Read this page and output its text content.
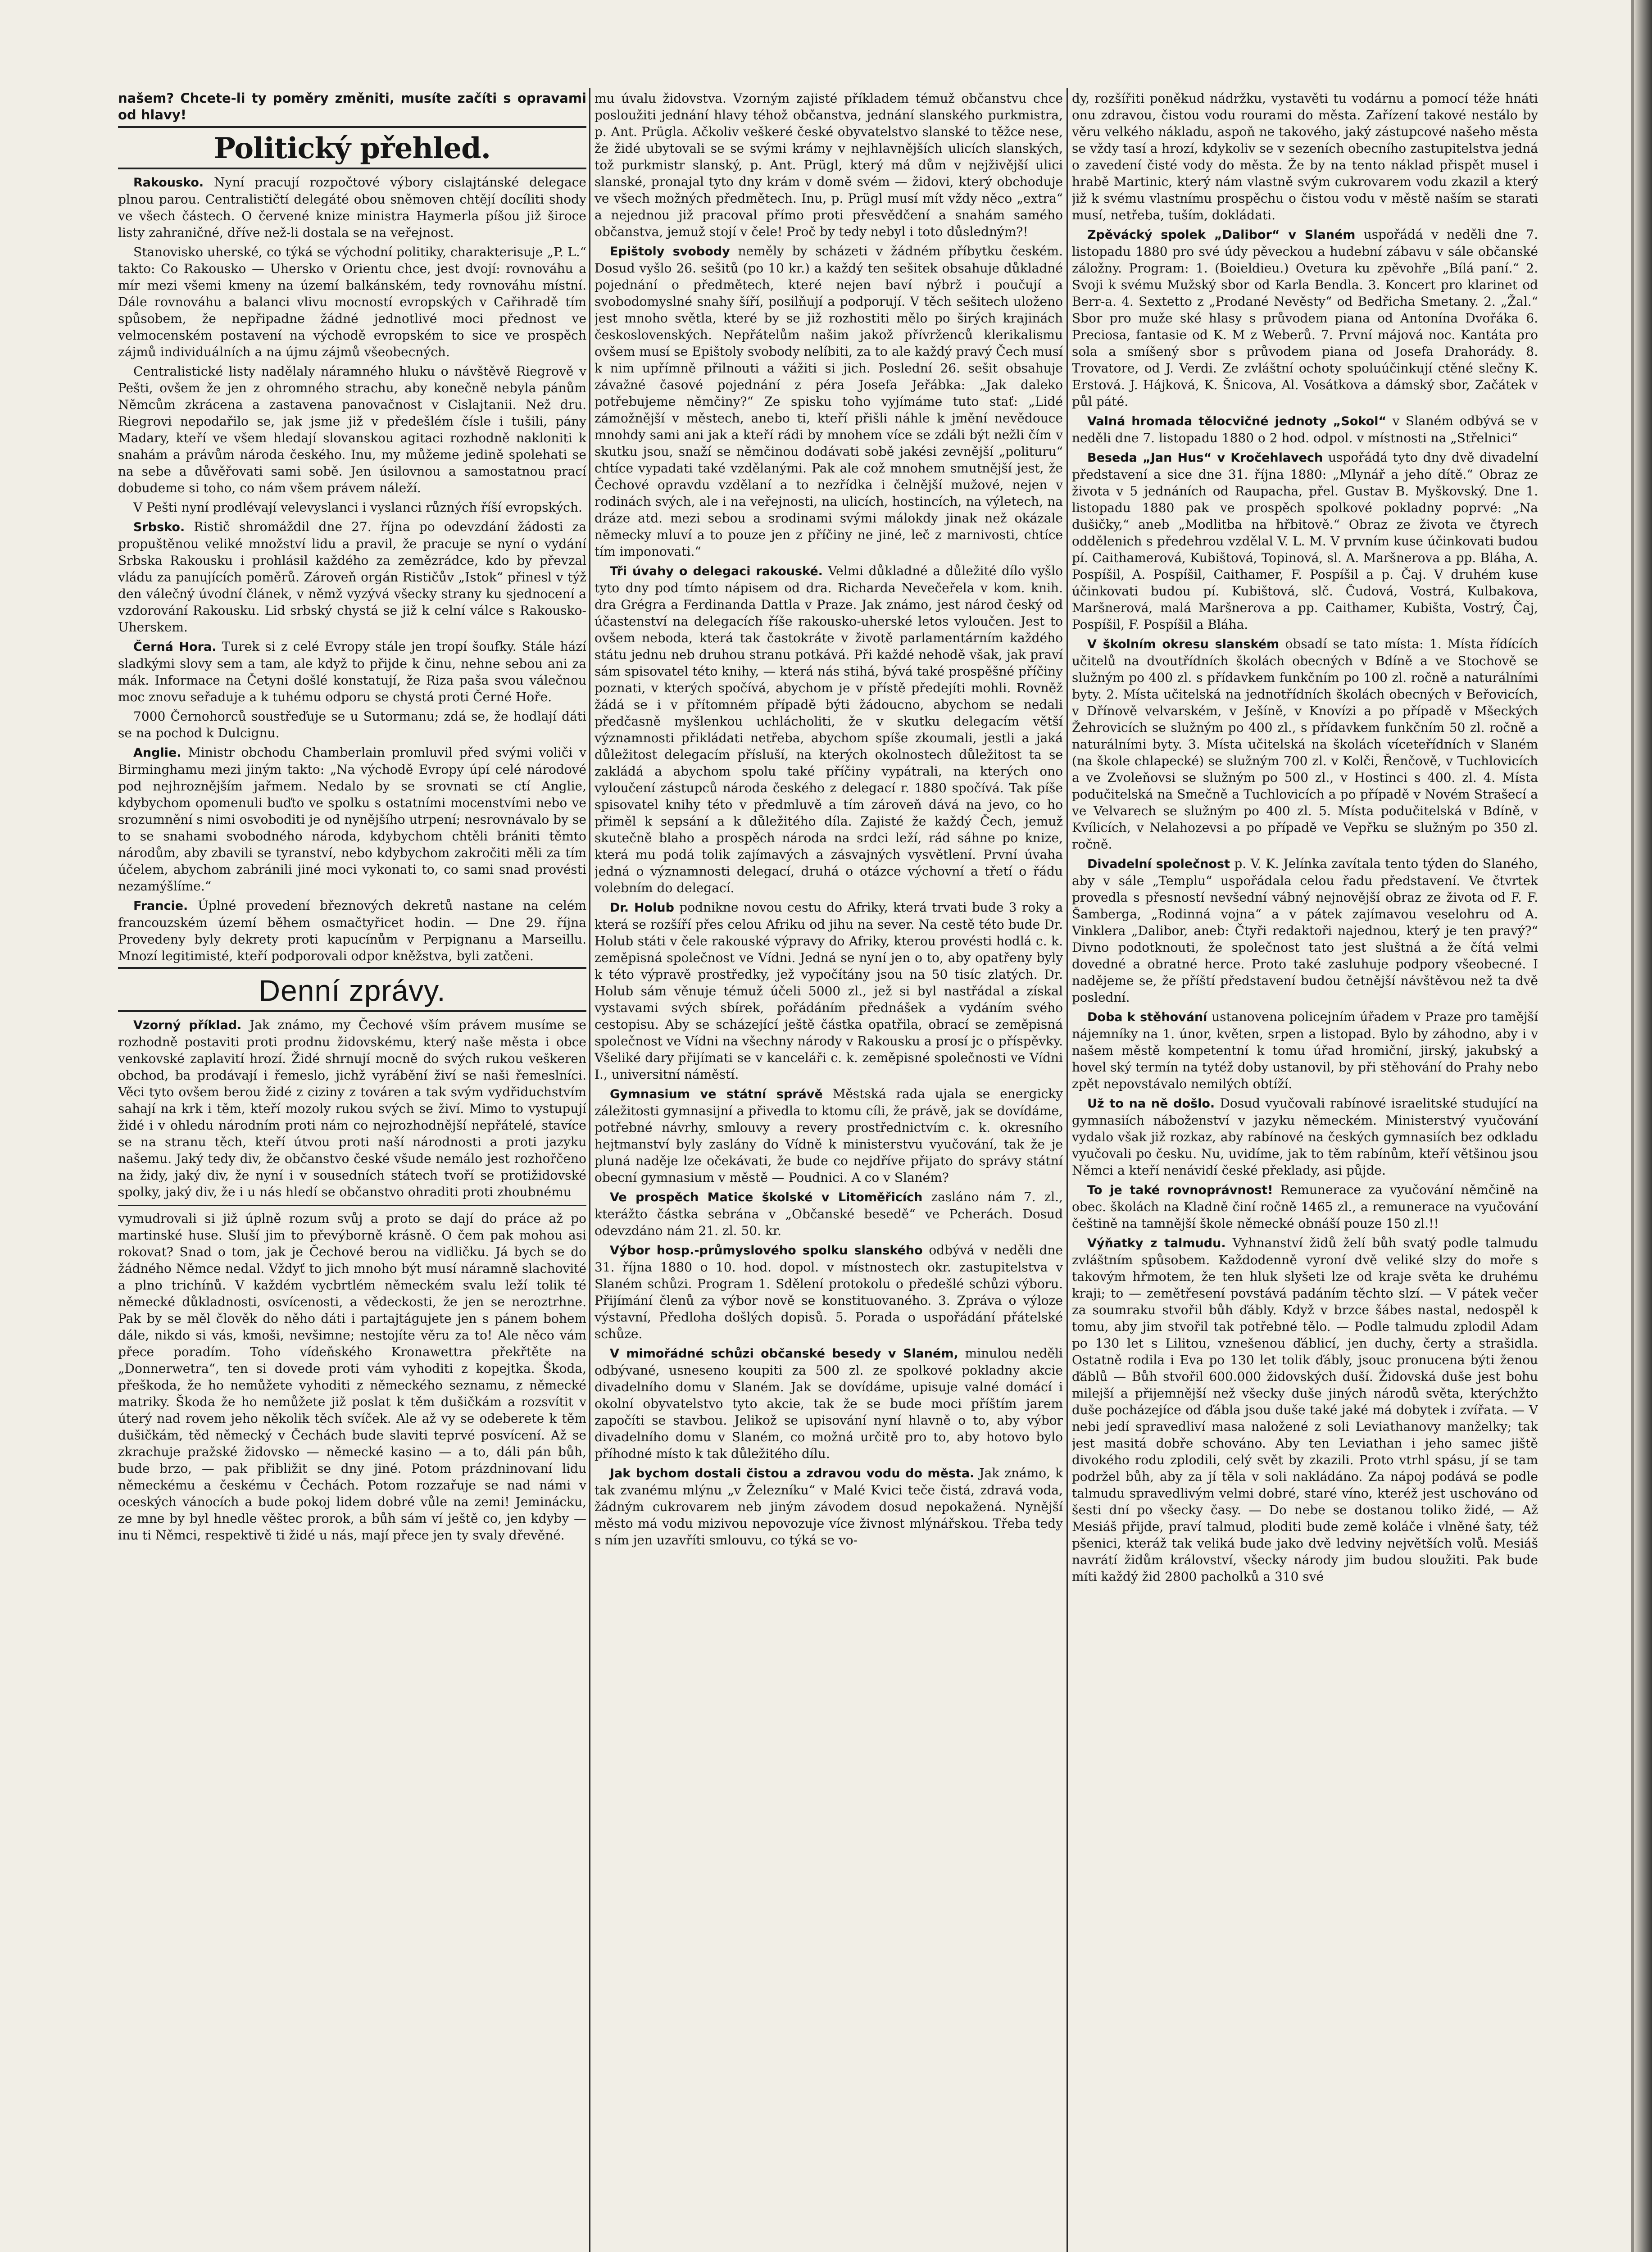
našem? Chcete-li ty poměry změniti, musíte začíti s opravami od hlavy!

Politický přehled.

Rakousko. Nyní pracují rozpočtové výbory cislajtánské delegace plnou parou. Centralističtí delegáté obou sněmoven chtějí docíliti shody ve všech částech. O červené knize ministra Haymerla píšou již široce listy zahraničné, dříve než-li dostala se na veřejnost.

Stanovisko uherské, co týká se východní politiky, charakterisuje „P. L.“ takto: Co Rakousko — Uhersko v Orientu chce, jest dvojí: rovnováhu a mír mezi všemi kmeny na území balkánském, tedy rovnováhu místní. Dále rovnováhu a balanci vlivu mocností evropských v Cařihradě tím spůsobem, že nepřipadne žádné jednotlivé moci přednost ve velmocenském postavení na východě evropském to sice ve prospěch zájmů individuálních a na újmu zájmů všeobecných.

Centralistické listy nadělaly náramného hluku o návštěvě Riegrově v Pešti, ovšem že jen z ohromného strachu, aby konečně nebyla pánům Němcům zkrácena a zastavena panovačnost v Cislajtanii. Než dru. Riegrovi nepodařilo se, jak jsme již v předešlém čísle i tušili, pány Madary, kteří ve všem hledají slovanskou agitaci rozhodně nakloniti k snahám a právům národa českého. Inu, my můžeme jedině spolehati se na sebe a důvěřovati sami sobě. Jen úsilovnou a samostatnou prací dobudeme si toho, co nám všem právem náleží.

V Pešti nyní prodlévají velevyslanci i vyslanci různých říší evropských.

Srbsko. Ristič shromáždil dne 27. října po odevzdání žádosti za propuštěnou veliké množství lidu a pravil, že pracuje se nyní o vydání Srbska Rakousku i prohlásil každého za zemězrádce, kdo by převzal vládu za panujících poměrů. Zároveň orgán Rističův „Istok“ přinesl v týž den válečný úvodní článek, v němž vyzývá všecky strany ku sjednocení a vzdorování Rakousku. Lid srbský chystá se již k celní válce s Rakousko-Uherskem.

Černá Hora. Turek si z celé Evropy stále jen tropí šoufky. Stále hází sladkými slovy sem a tam, ale když to přijde k činu, nehne sebou ani za mák. Informace na Četyni došlé konstatují, že Riza paša svou válečnou moc znovu seřaduje a k tuhému odporu se chystá proti Černé Hoře.

7000 Černohorců soustřeďuje se u Sutormanu; zdá se, že hodlají dáti se na pochod k Dulcignu.

Anglie. Ministr obchodu Chamberlain promluvil před svými voliči v Birminghamu mezi jiným takto: „Na východě Evropy úpí celé národové pod nejhroznějším jařmem. Nedalo by se srovnati se ctí Anglie, kdybychom opomenuli buďto ve spolku s ostatními mocenstvími nebo ve srozumnění s nimi osvoboditi je od nynějšího utrpení; nesrovnávalo by se to se snahami svobodného národa, kdybychom chtěli brániti těmto národům, aby zbavili se tyranství, nebo kdybychom zakročiti měli za tím účelem, abychom zabránili jiné moci vykonati to, co sami snad provésti nezamýšlíme.“

Francie. Úplné provedení březnových dekretů nastane na celém francouzském území během osmačtyřicet hodin. — Dne 29. října Provedeny byly dekrety proti kapucínům v Perpignanu a Marseillu. Mnozí legitimisté, kteří podporovali odpor kněžstva, byli zatčeni.

Denní zprávy.

Vzorný příklad. Jak známo, my Čechové vším právem musíme se rozhodně postaviti proti prodnu židovskému, který naše města i obce venkovské zaplavití hrozí. Židé shrnují mocně do svých rukou veškeren obchod, ba prodávají i řemeslo, jichž vyrábění živí se naši řemeslníci. Věci tyto ovšem berou židé z ciziny z továren a tak svým vydřiduchstvím sahají na krk i těm, kteří mozoly rukou svých se živí. Mimo to vystupují židé i v ohledu národním proti nám co nejrozhodnější nepřátelé, stavíce se na stranu těch, kteří útvou proti naší národnosti a proti jazyku našemu. Jaký tedy div, že občanstvo české všude nemálo jest rozhořčeno na židy, jaký div, že nyní i v sousedních státech tvoří se protižidovské spolky, jaký div, že i u nás hledí se občanstvo ohraditi proti zhoubnému

vymudrovali si již úplně rozum svůj a proto se dají do práce až po martinské huse. Sluší jim to převýborně krásně. O čem pak mohou asi rokovat? Snad o tom, jak je Čechové berou na vidličku. Já bych se do žádného Němce nedal. Vždyť to jich mnoho být musí náramně slachovité a plno trichínů. V každém vycbrtlém německém svalu leží tolik té německé důkladnosti, osvícenosti, a vědeckosti, že jen se neroztrhne. Pak by se měl člověk do něho dáti i partajtágujete jen s pánem bohem dále, nikdo si vás, kmoši, nevšimne; nestojíte věru za to! Ale něco vám přece poradím. Toho vídeňského Kronawettra překřtěte na „Donnerwetra“, ten si dovede proti vám vyhoditi z kopejtka. Škoda, přeškoda, že ho nemůžete vyhoditi z německého seznamu, z německé matriky. Škoda že ho nemůžete již poslat k těm dušičkám a rozsvítit v úterý nad rovem jeho několik těch svíček. Ale až vy se odeberete k těm dušičkám, těd německý v Čechách bude slaviti teprvé posvícení. Až se zkrachuje pražské židovsko — německé kasino — a to, dáli pán bůh, bude brzo, — pak přibližit se dny jiné. Potom prázdninovaní lidu německému a českému v Čechách. Potom rozzařuje se nad námi v oceských vánocích a bude pokoj lidem dobré vůle na zemi! Jeminácku, ze mne by byl hnedle věštec prorok, a bůh sám ví ještě co, jen kdyby — inu ti Němci, respektivě ti židé u nás, mají přece jen ty svaly dřevěné.

mu úvalu židovstva. Vzorným zajisté příkladem témuž občanstvu chce posloužiti jednání hlavy téhož občanstva, jednání slanského purkmistra, p. Ant. Prügla. Ačkoliv veškeré české obyvatelstvo slanské to těžce nese, že židé ubytovali se se svými krámy v nejhlavnějších ulicích slanských, tož purkmistr slanský, p. Ant. Prügl, který má dům v nejživější ulici slanské, pronajal tyto dny krám v domě svém — židovi, který obchoduje ve všech možných předmětech. Inu, p. Prügl musí mít vždy něco „extra“ a nejednou již pracoval přímo proti přesvědčení a snahám samého občanstva, jemuž stojí v čele! Proč by tedy nebyl i toto důsledným?!

Epištoly svobody neměly by scházeti v žádném příbytku českém. Dosud vyšlo 26. sešitů (po 10 kr.) a každý ten sešitek obsahuje důkladné pojednání o předmětech, které nejen baví nýbrž i poučují a svobodomyslné snahy šíří, posilňují a podporují. V těch sešitech uloženo jest mnoho světla, které by se již rozhostiti mělo po širých krajinách československých. Nepřátelům našim jakož přívrženců klerikalismu ovšem musí se Epištoly svobody nelíbiti, za to ale každý pravý Čech musí k nim upřímně přilnouti a vážiti si jich. Poslední 26. sešit obsahuje závažné časové pojednání z péra Josefa Jeřábka: „Jak daleko potřebujeme němčiny?“ Ze spisku toho vyjímáme tuto stať: „Lidé zámožnější v městech, anebo ti, kteří přišli náhle k jmění nevědouce mnohdy sami ani jak a kteří rádi by mnohem více se zdáli být nežli čím v skutku jsou, snaží se němčinou dodávati sobě jakési zevnější „polituru“ chtíce vypadati také vzdělanými. Pak ale což mnohem smutnější jest, že Čechové opravdu vzdělaní a to nezřídka i čelnější mužové, nejen v rodinách svých, ale i na veřejnosti, na ulicích, hostincích, na výletech, na dráze atd. mezi sebou a srodinami svými málokdy jinak než okázale německy mluví a to pouze jen z příčiny ne jiné, leč z marnivosti, chtíce tím imponovati.“

Tři úvahy o delegaci rakouské. Velmi důkladné a důležité dílo vyšlo tyto dny pod tímto nápisem od dra. Richarda Nevečeřela v kom. knih. dra Grégra a Ferdinanda Dattla v Praze. Jak známo, jest národ český od účastenství na delegacích říše rakousko-uherské letos vyloučen. Jest to ovšem neboda, která tak častokráte v životě parlamentárním každého státu jednu neb druhou stranu potkává. Při každé nehodě však, jak praví sám spisovatel této knihy, — která nás stihá, bývá také prospěšné příčiny poznati, v kterých spočívá, abychom je v přístě předejíti mohli. Rovněž žádá se i v přítomném případě býti žádoucno, abychom se nedali předčasně myšlenkou uchlácholiti, že v skutku delegacím větší významnosti přikládati netřeba, abychom spíše zkoumali, jestli a jaká důležitost delegacím přísluší, na kterých okolnostech důležitost ta se zakládá a abychom spolu také příčiny vypátrali, na kterých ono vyloučení zástupců národa českého z delegací r. 1880 spočívá. Tak píše spisovatel knihy této v předmluvě a tím zároveň dává na jevo, co ho přiměl k sepsání a k důležitého díla. Zajisté že každý Čech, jemuž skutečně blaho a prospěch národa na srdci leží, rád sáhne po knize, která mu podá tolik zajímavých a zásvajných vysvětlení. První úvaha jedná o významnosti delegací, druhá o otázce výchovní a třetí o řádu volebním do delegací.

Dr. Holub podnikne novou cestu do Afriky, která trvati bude 3 roky a která se rozšíří přes celou Afriku od jihu na sever. Na cestě této bude Dr. Holub státi v čele rakouské výpravy do Afriky, kterou provésti hodlá c. k. zeměpisná společnost ve Vídni. Jedná se nyní jen o to, aby opatřeny byly k této výpravě prostředky, jež vypočítány jsou na 50 tisíc zlatých. Dr. Holub sám věnuje témuž účeli 5000 zl., jež si byl nastřádal a získal vystavami svých sbírek, pořádáním přednášek a vydáním svého cestopisu. Aby se scházející ještě částka opatřila, obrací se zeměpisná společnost ve Vídni na všechny národy v Rakousku a prosí jc o příspěvky. Všeliké dary přijímati se v kanceláři c. k. zeměpisné společnosti ve Vídni I., universitní náměstí.

Gymnasium ve státní správě Městská rada ujala se energicky záležitosti gymnasijní a přivedla to ktomu cíli, že právě, jak se dovídáme, potřebné návrhy, smlouvy a revery prostřednictvím c. k. okresního hejtmanství byly zaslány do Vídně k ministerstvu vyučování, tak že je pluná naděje lze očekávati, že bude co nejdříve přijato do správy státní obecní gymnasium v městě — Poudnici. A co v Slaném?

Ve prospěch Matice školské v Litoměřicích zasláno nám 7. zl., kterážto částka sebrána v „Občanské besedě“ ve Pcherách. Dosud odevzdáno nám 21. zl. 50. kr.

Výbor hosp.-průmyslového spolku slanského odbývá v neděli dne 31. října 1880 o 10. hod. dopol. v místnostech okr. zastupitelstva v Slaném schůzi. Program 1. Sdělení protokolu o předešlé schůzi výboru. Přijímání členů za výbor nově se konstituovaného. 3. Zpráva o výloze výstavní, Předloha došlých dopisů. 5. Porada o uspořádání přátelské schůze.

V mimořádné schůzi občanské besedy v Slaném, minulou neděli odbývané, usneseno koupiti za 500 zl. ze spolkové pokladny akcie divadelního domu v Slaném. Jak se dovídáme, upisuje valné domácí i okolní obyvatelstvo tyto akcie, tak že se bude moci příštím jarem započíti se stavbou. Jelikož se upisování nyní hlavně o to, aby výbor divadelního domu v Slaném, co možná určitě pro to, aby hotovo bylo příhodné místo k tak důležitého dílu.

Jak bychom dostali čistou a zdravou vodu do města. Jak známo, k tak zvanému mlýnu „v Železníku“ v Malé Kvici teče čistá, zdravá voda, žádným cukrovarem neb jiným závodem dosud nepokažená. Nynější město má vodu mizivou nepovozuje více živnost mlýnářskou. Třeba tedy s ním jen uzavříti smlouvu, co týká se vo-

dy, rozšířiti poněkud nádržku, vystavěti tu vodárnu a pomocí téže hnáti onu zdravou, čistou vodu rourami do města. Zařízení takové nestálo by věru velkého nákladu, aspoň ne takového, jaký zástupcové našeho města se vždy tasí a hrozí, kdykoliv se v sezeních obecního zastupitelstva jedná o zavedení čisté vody do města. Že by na tento náklad přispět musel i hrabě Martinic, který nám vlastně svým cukrovarem vodu zkazil a který již k svému vlastnímu prospěchu o čistou vodu v městě naším se starati musí, netřeba, tuším, dokládati.

Zpěvácký spolek „Dalibor“ v Slaném uspořádá v neděli dne 7. listopadu 1880 pro své údy pěveckou a hudební zábavu v sále občanské záložny. Program: 1. (Boieldieu.) Ovetura ku zpěvohře „Bílá paní.“ 2. Svoji k svému Mužský sbor od Karla Bendla. 3. Koncert pro klarinet od Berr-a. 4. Sextetto z „Prodané Nevěsty“ od Bedřicha Smetany. 2. „Žal.“ Sbor pro muže ské hlasy s průvodem piana od Antonína Dvořáka 6. Preciosa, fantasie od K. M z Weberů. 7. První májová noc. Kantáta pro sola a smíšený sbor s průvodem piana od Josefa Drahorády. 8. Trovatore, od J. Verdi. Ze zvláštní ochoty spoluúčinkují ctěné slečny K. Erstová. J. Hájková, K. Šnicova, Al. Vosátkova a dámský sbor, Začátek v půl páté.

Valná hromada tělocvičné jednoty „Sokol“ v Slaném odbývá se v neděli dne 7. listopadu 1880 o 2 hod. odpol. v místnosti na „Střelnici“

Beseda „Jan Hus“ v Kročehlavech uspořádá tyto dny dvě divadelní představení a sice dne 31. října 1880: „Mlynář a jeho dítě.“ Obraz ze života v 5 jednáních od Raupacha, přel. Gustav B. Myškovský. Dne 1. listopadu 1880 pak ve prospěch spolkové pokladny poprvé: „Na dušičky,“ aneb „Modlitba na hřbitově.“ Obraz ze života ve čtyrech oddělenich s předehrou vzdělal V. L. M. V prvním kuse účinkovati budou pí. Caithamerová, Kubištová, Topinová, sl. A. Maršnerova a pp. Bláha, A. Pospíšil, A. Pospíšil, Caithamer, F. Pospíšil a p. Čaj. V druhém kuse účinkovati budou pí. Kubištová, slč. Čudová, Vostrá, Kulbakova, Maršnerová, malá Maršnerova a pp. Caithamer, Kubišta, Vostrý, Čaj, Pospíšil, F. Pospíšil a Bláha.

V školním okresu slanském obsadí se tato místa: 1. Místa řídících učitelů na dvoutřídních školách obecných v Bdíně a ve Stochově se služným po 400 zl. s přídavkem funkčním po 100 zl. ročně a naturálními byty. 2. Místa učitelská na jednotřídních školách obecných v Beřovicích, v Dřínově velvarském, v Ješíně, v Knovízi a po případě v Mšeckých Žehrovicích se služným po 400 zl., s přídavkem funkčním 50 zl. ročně a naturálními byty. 3. Místa učitelská na školách víceteřídních v Slaném (na škole chlapecké) se služným 700 zl. v Kolči, Řenčově, v Tuchlovicích a ve Zvoleňovsi se služným po 500 zl., v Hostinci s 400. zl. 4. Místa podučitelská na Smečně a Tuchlovicích a po případě v Novém Strašecí a ve Velvarech se služným po 400 zl. 5. Místa podučitelská v Bdíně, v Kvílicích, v Nelahozevsi a po případě ve Vepřku se služným po 350 zl. ročně.

Divadelní společnost p. V. K. Jelínka zavítala tento týden do Slaného, aby v sále „Templu“ uspořádala celou řadu představení. Ve čtvrtek provedla s přesností nevšední vábný nejnovější obraz ze života od F. F. Šamberga, „Rodinná vojna“ a v pátek zajímavou veselohru od A. Vinklera „Dalibor, aneb: Čtyři redaktoři najednou, který je ten pravý?“ Divno podotknouti, že společnost tato jest sluštná a že čítá velmi dovedné a obratné herce. Proto také zasluhuje podpory všeobecné. I nadějeme se, že příští představení budou četnější návštěvou než ta dvě poslední.

Doba k stěhování ustanovena policejním úřadem v Praze pro tamější nájemníky na 1. únor, květen, srpen a listopad. Bylo by záhodno, aby i v našem městě kompetentní k tomu úřad hromiční, jirský, jakubský a hovel ský termín na tytéž doby ustanovil, by při stěhování do Prahy nebo zpět nepovstávalo nemilých obtíží.

Už to na ně došlo. Dosud vyučovali rabínové israelitské studující na gymnasiích náboženství v jazyku německém. Ministerstvý vyučování vydalo však již rozkaz, aby rabínové na českých gymnasiích bez odkladu vyučovali po česku. Nu, uvidíme, jak to těm rabínům, kteří většinou jsou Němci a kteří nenávidí české překlady, asi půjde.

To je také rovnoprávnost! Remunerace za vyučování němčině na obec. školách na Kladně činí ročně 1465 zl., a remunerace na vyučování češtině na tamnější škole německé obnáší pouze 150 zl.!!

Výňatky z talmudu. Vyhnanství židů želí bůh svatý podle talmudu zvláštním spůsobem. Každodenně vyroní dvě veliké slzy do moře s takovým hřmotem, že ten hluk slyšeti lze od kraje světa ke druhému kraji; to — zemětřesení povstává padáním těchto slzí. — V pátek večer za soumraku stvořil bůh ďábly. Když v brzce šábes nastal, nedospěl k tomu, aby jim stvořil tak potřebné tělo. — Podle talmudu zplodil Adam po 130 let s Lilitou, vznešenou ďáblicí, jen duchy, čerty a strašidla. Ostatně rodila i Eva po 130 let tolik ďábly, jsouc pronucena býti ženou ďáblů — Bůh stvořil 600.000 židovských duší. Židovská duše jest bohu milejší a přijemnější než všecky duše jiných národů světa, kterýchžto duše pocházejíce od ďábla jsou duše také jaké má dobytek i zvířata. — V nebi jedí spravedliví masa naložené z soli Leviathanovy manželky; tak jest masitá dobře schováno. Aby ten Leviathan i jeho samec jiště divokého rodu zplodili, celý svět by zkazili. Proto vtrhl spásu, jí se tam podržel bůh, aby za jí těla v soli nakládáno. Za nápoj podává se podle talmudu spravedlivým velmi dobré, staré víno, kteréž jest uschováno od šesti dní po všecky časy. — Do nebe se dostanou toliko židé, — Až Mesiáš přijde, praví talmud, ploditi bude země koláče i vlněné šaty, též pšenici, kteráž tak veliká bude jako dvě ledviny největších volů. Mesiáš navrátí židům království, všecky národy jim budou sloužiti. Pak bude míti každý žid 2800 pacholků a 310 své
